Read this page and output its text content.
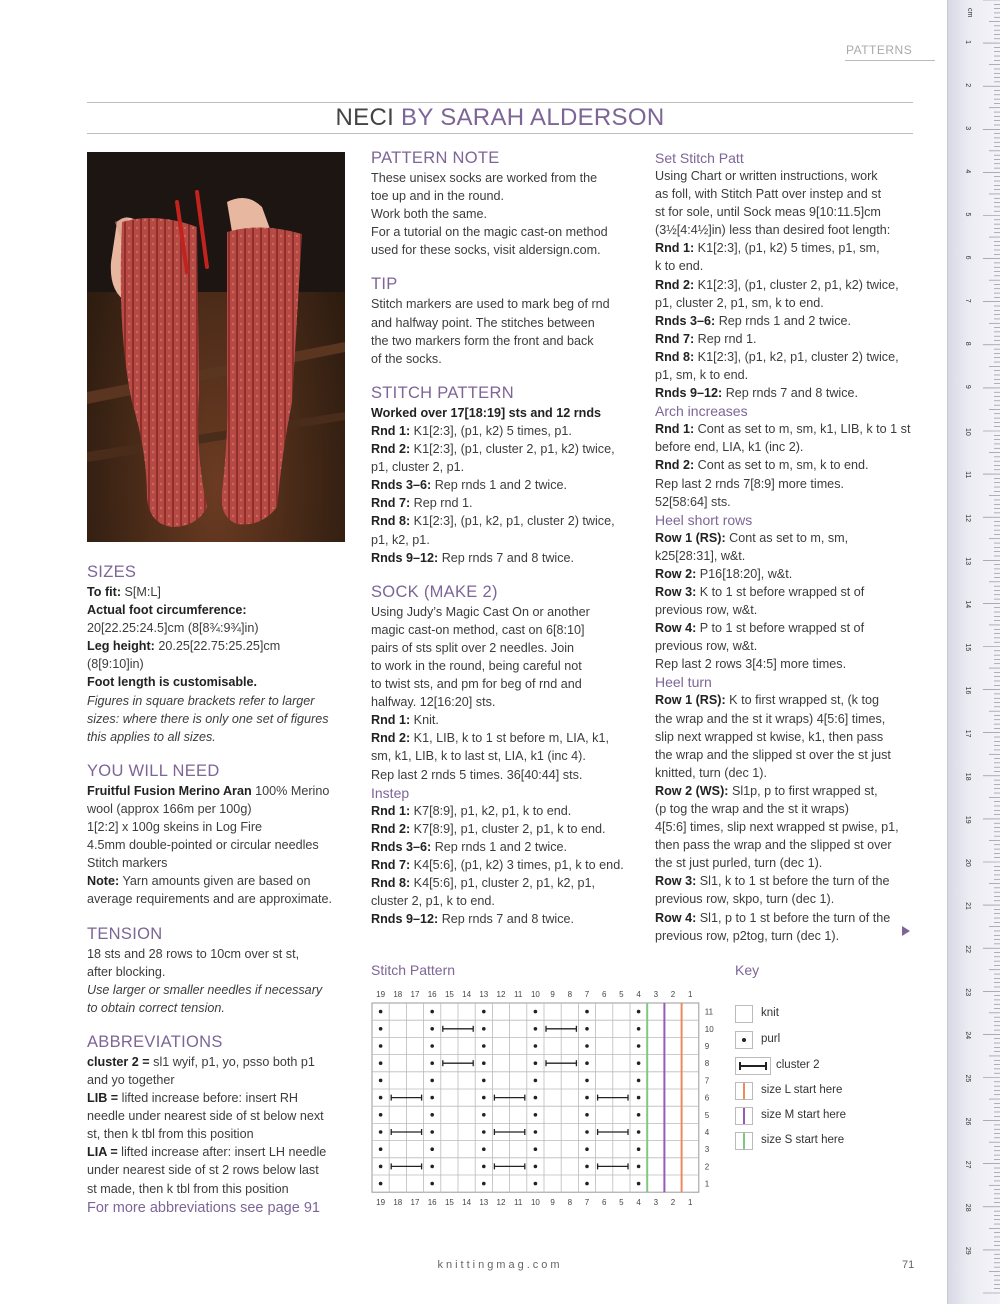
PATTERNS
NECI BY SARAH ALDERSON
SIZES

To fit: S[M:L]

Actual foot circumference:

20[22.25:24.5]cm (8[8¾:9¾]in)

Leg height: 20.25[22.75:25.25]cm

(8[9:10]in)

Foot length is customisable.

Figures in square brackets refer to larger

sizes: where there is only one set of figures

this applies to all sizes.

YOU WILL NEED

Fruitful Fusion Merino Aran 100% Merino

wool (approx 166m per 100g)

1[2:2] x 100g skeins in Log Fire

4.5mm double-pointed or circular needles

Stitch markers

Note: Yarn amounts given are based on

average requirements and are approximate.

TENSION

18 sts and 28 rows to 10cm over st st,

after blocking.

Use larger or smaller needles if necessary

to obtain correct tension.

ABBREVIATIONS

cluster 2 = sl1 wyif, p1, yo, psso both p1

and yo together

LIB = lifted increase before: insert RH

needle under nearest side of st below next

st, then k tbl from this position

LIA = lifted increase after: insert LH needle

under nearest side of st 2 rows below last

st made, then k tbl from this position

For more abbreviations see page 91
PATTERN NOTE

These unisex socks are worked from the

toe up and in the round.

Work both the same.

For a tutorial on the magic cast-on method

used for these socks, visit aldersign.com.

TIP

Stitch markers are used to mark beg of rnd

and halfway point. The stitches between

the two markers form the front and back

of the socks.

STITCH PATTERN

Worked over 17[18:19] sts and 12 rnds

Rnd 1: K1[2:3], (p1, k2) 5 times, p1.

Rnd 2: K1[2:3], (p1, cluster 2, p1, k2) twice,

p1, cluster 2, p1.

Rnds 3–6: Rep rnds 1 and 2 twice.

Rnd 7: Rep rnd 1.

Rnd 8: K1[2:3], (p1, k2, p1, cluster 2) twice,

p1, k2, p1.

Rnds 9–12: Rep rnds 7 and 8 twice.

SOCK (MAKE 2)

Using Judy’s Magic Cast On or another

magic cast-on method, cast on 6[8:10]

pairs of sts split over 2 needles. Join

to work in the round, being careful not

to twist sts, and pm for beg of rnd and

halfway. 12[16:20] sts.

Rnd 1: Knit.

Rnd 2: K1, LIB, k to 1 st before m, LIA, k1,

sm, k1, LIB, k to last st, LIA, k1 (inc 4).

Rep last 2 rnds 5 times. 36[40:44] sts.

Instep

Rnd 1: K7[8:9], p1, k2, p1, k to end.

Rnd 2: K7[8:9], p1, cluster 2, p1, k to end.

Rnds 3–6: Rep rnds 1 and 2 twice.

Rnd 7: K4[5:6], (p1, k2) 3 times, p1, k to end.

Rnd 8: K4[5:6], p1, cluster 2, p1, k2, p1,

cluster 2, p1, k to end.

Rnds 9–12: Rep rnds 7 and 8 twice.

Set Stitch Patt

Using Chart or written instructions, work

as foll, with Stitch Patt over instep and st

st for sole, until Sock meas 9[10:11.5]cm

(3½[4:4½]in) less than desired foot length:

Rnd 1: K1[2:3], (p1, k2) 5 times, p1, sm,

k to end.

Rnd 2: K1[2:3], (p1, cluster 2, p1, k2) twice,

p1, cluster 2, p1, sm, k to end.

Rnds 3–6: Rep rnds 1 and 2 twice.

Rnd 7: Rep rnd 1.

Rnd 8: K1[2:3], (p1, k2, p1, cluster 2) twice,

p1, sm, k to end.

Rnds 9–12: Rep rnds 7 and 8 twice.

Arch increases

Rnd 1: Cont as set to m, sm, k1, LIB, k to 1 st

before end, LIA, k1 (inc 2).

Rnd 2: Cont as set to m, sm, k to end.

Rep last 2 rnds 7[8:9] more times.

52[58:64] sts.

Heel short rows

Row 1 (RS): Cont as set to m, sm,

k25[28:31], w&t.

Row 2: P16[18:20], w&t.

Row 3: K to 1 st before wrapped st of

previous row, w&t.

Row 4: P to 1 st before wrapped st of

previous row, w&t.

Rep last 2 rows 3[4:5] more times.

Heel turn

Row 1 (RS): K to first wrapped st, (k tog

the wrap and the st it wraps) 4[5:6] times,

slip next wrapped st kwise, k1, then pass

the wrap and the slipped st over the st just

knitted, turn (dec 1).

Row 2 (WS): Sl1p, p to first wrapped st,

(p tog the wrap and the st it wraps)

4[5:6] times, slip next wrapped st pwise, p1,

then pass the wrap and the slipped st over

the st just purled, turn (dec 1).

Row 3: Sl1, k to 1 st before the turn of the

previous row, skpo, turn (dec 1).

Row 4: Sl1, p to 1 st before the turn of the

previous row, p2tog, turn (dec 1).

Stitch Pattern	Key
19
19
18
18
17
17
16
16
15
15
14
14
13
13
12
12
11
11
10
10
9
9
8
8
7
7
6
6
5
5
4
4
3
3
2
2
1
1
11
10
9
8
7
6
5
4
3
2
1
knit
purl
cluster 2
size L start here
size M start here
size S start here
knittingmag.com	71
cm
1
2
3
4
5
6
7
8
9
10
11
12
13
14
15
16
17
18
19
20
21
22
23
24
25
26
27
28
29
